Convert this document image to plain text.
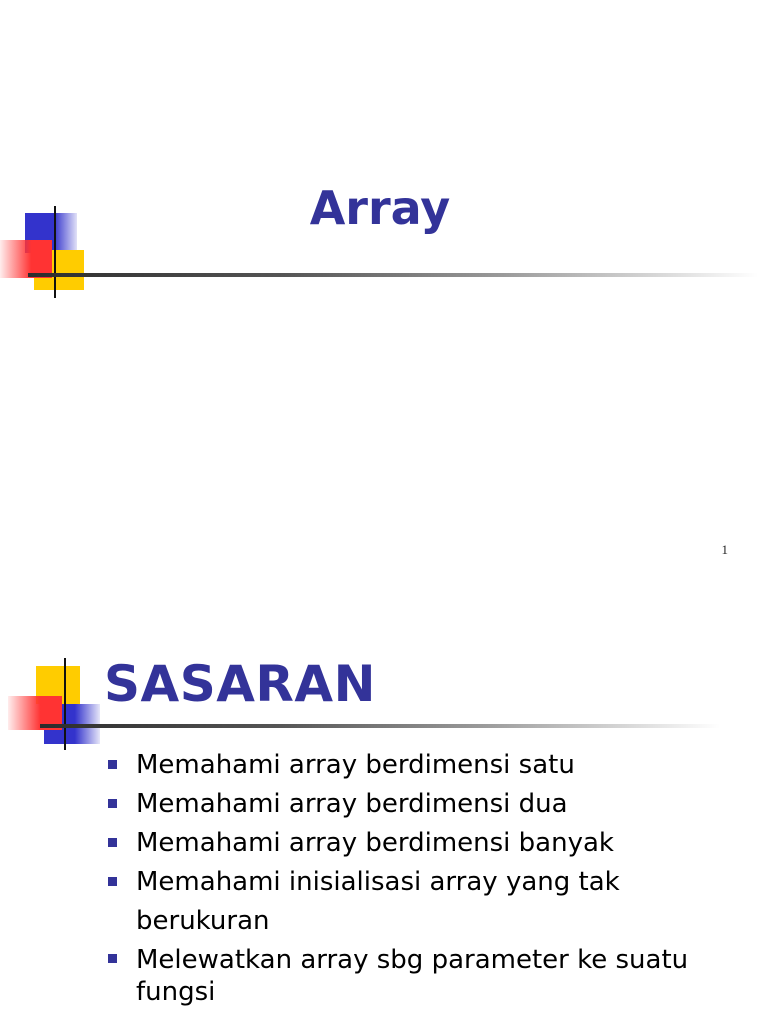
Array
1
SASARAN
Memahami array berdimensi satu
Memahami array berdimensi dua
Memahami array berdimensi banyak
Memahami inisialisasi array yang tak berukuran
Melewatkan array sbg parameter ke suatu fungsi
